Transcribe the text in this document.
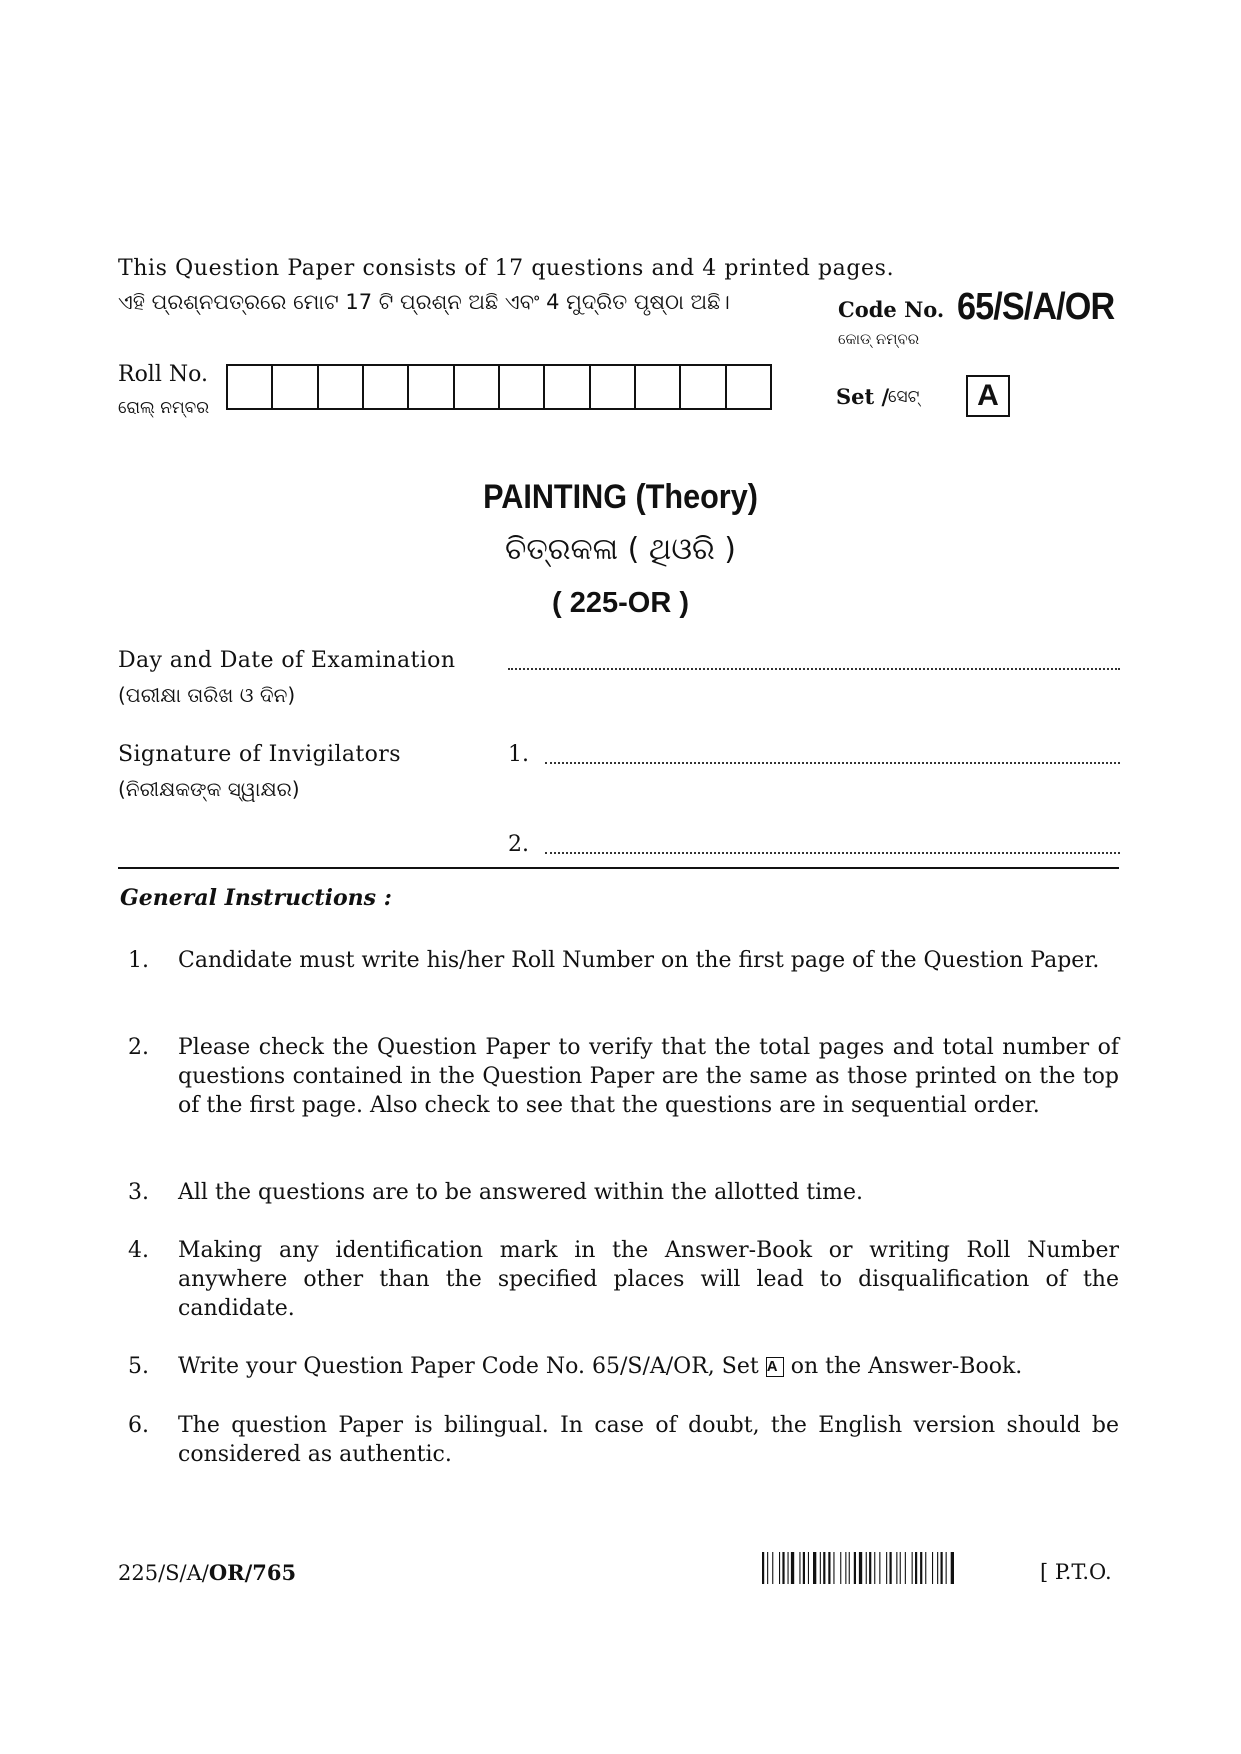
This Question Paper consists of 17 questions and 4 printed pages.
ଏହି ପ୍ରଶ୍ନପତ୍ରରେ ମୋଟ 17 ଟି ପ୍ରଶ୍ନ ଅଛି ଏବଂ 4 ମୁଦ୍ରିତ ପୃଷ୍ଠା ଅଛି।	Code No. 65/S/A/OR
କୋଡ୍ ନମ୍ବର
Roll No.
ରୋଲ୍ ନମ୍ବର	Set /
ସେଟ୍	A
PAINTING (Theory)
ଚିତ୍ରକଳା ( ଥିଓରି )
( 225-OR )
Day and Date of Examination
(ପରୀକ୍ଷା ତାରିଖ ଓ ଦିନ)
Signature of Invigilators
(ନିରୀକ୍ଷକଙ୍କ ସ୍ୱାକ୍ଷର)
1.
2.
General Instructions :
1.	Candidate must write his/her Roll Number on the first page of the Question Paper.
2.	Please check the Question Paper to verify that the total pages and total number of questions contained in the Question Paper are the same as those printed on the top of the first page. Also check to see that the questions are in sequential order.
3.	All the questions are to be answered within the allotted time.
4.	Making any identification mark in the Answer-Book or writing Roll Number anywhere other than the specified places will lead to disqualification of the candidate.
5.	Write your Question Paper Code No. 65/S/A/OR, Set A on the Answer-Book.
6.	The question Paper is bilingual. In case of doubt, the English version should be considered as authentic.
225/S/A/OR/765	[ P.T.O.
